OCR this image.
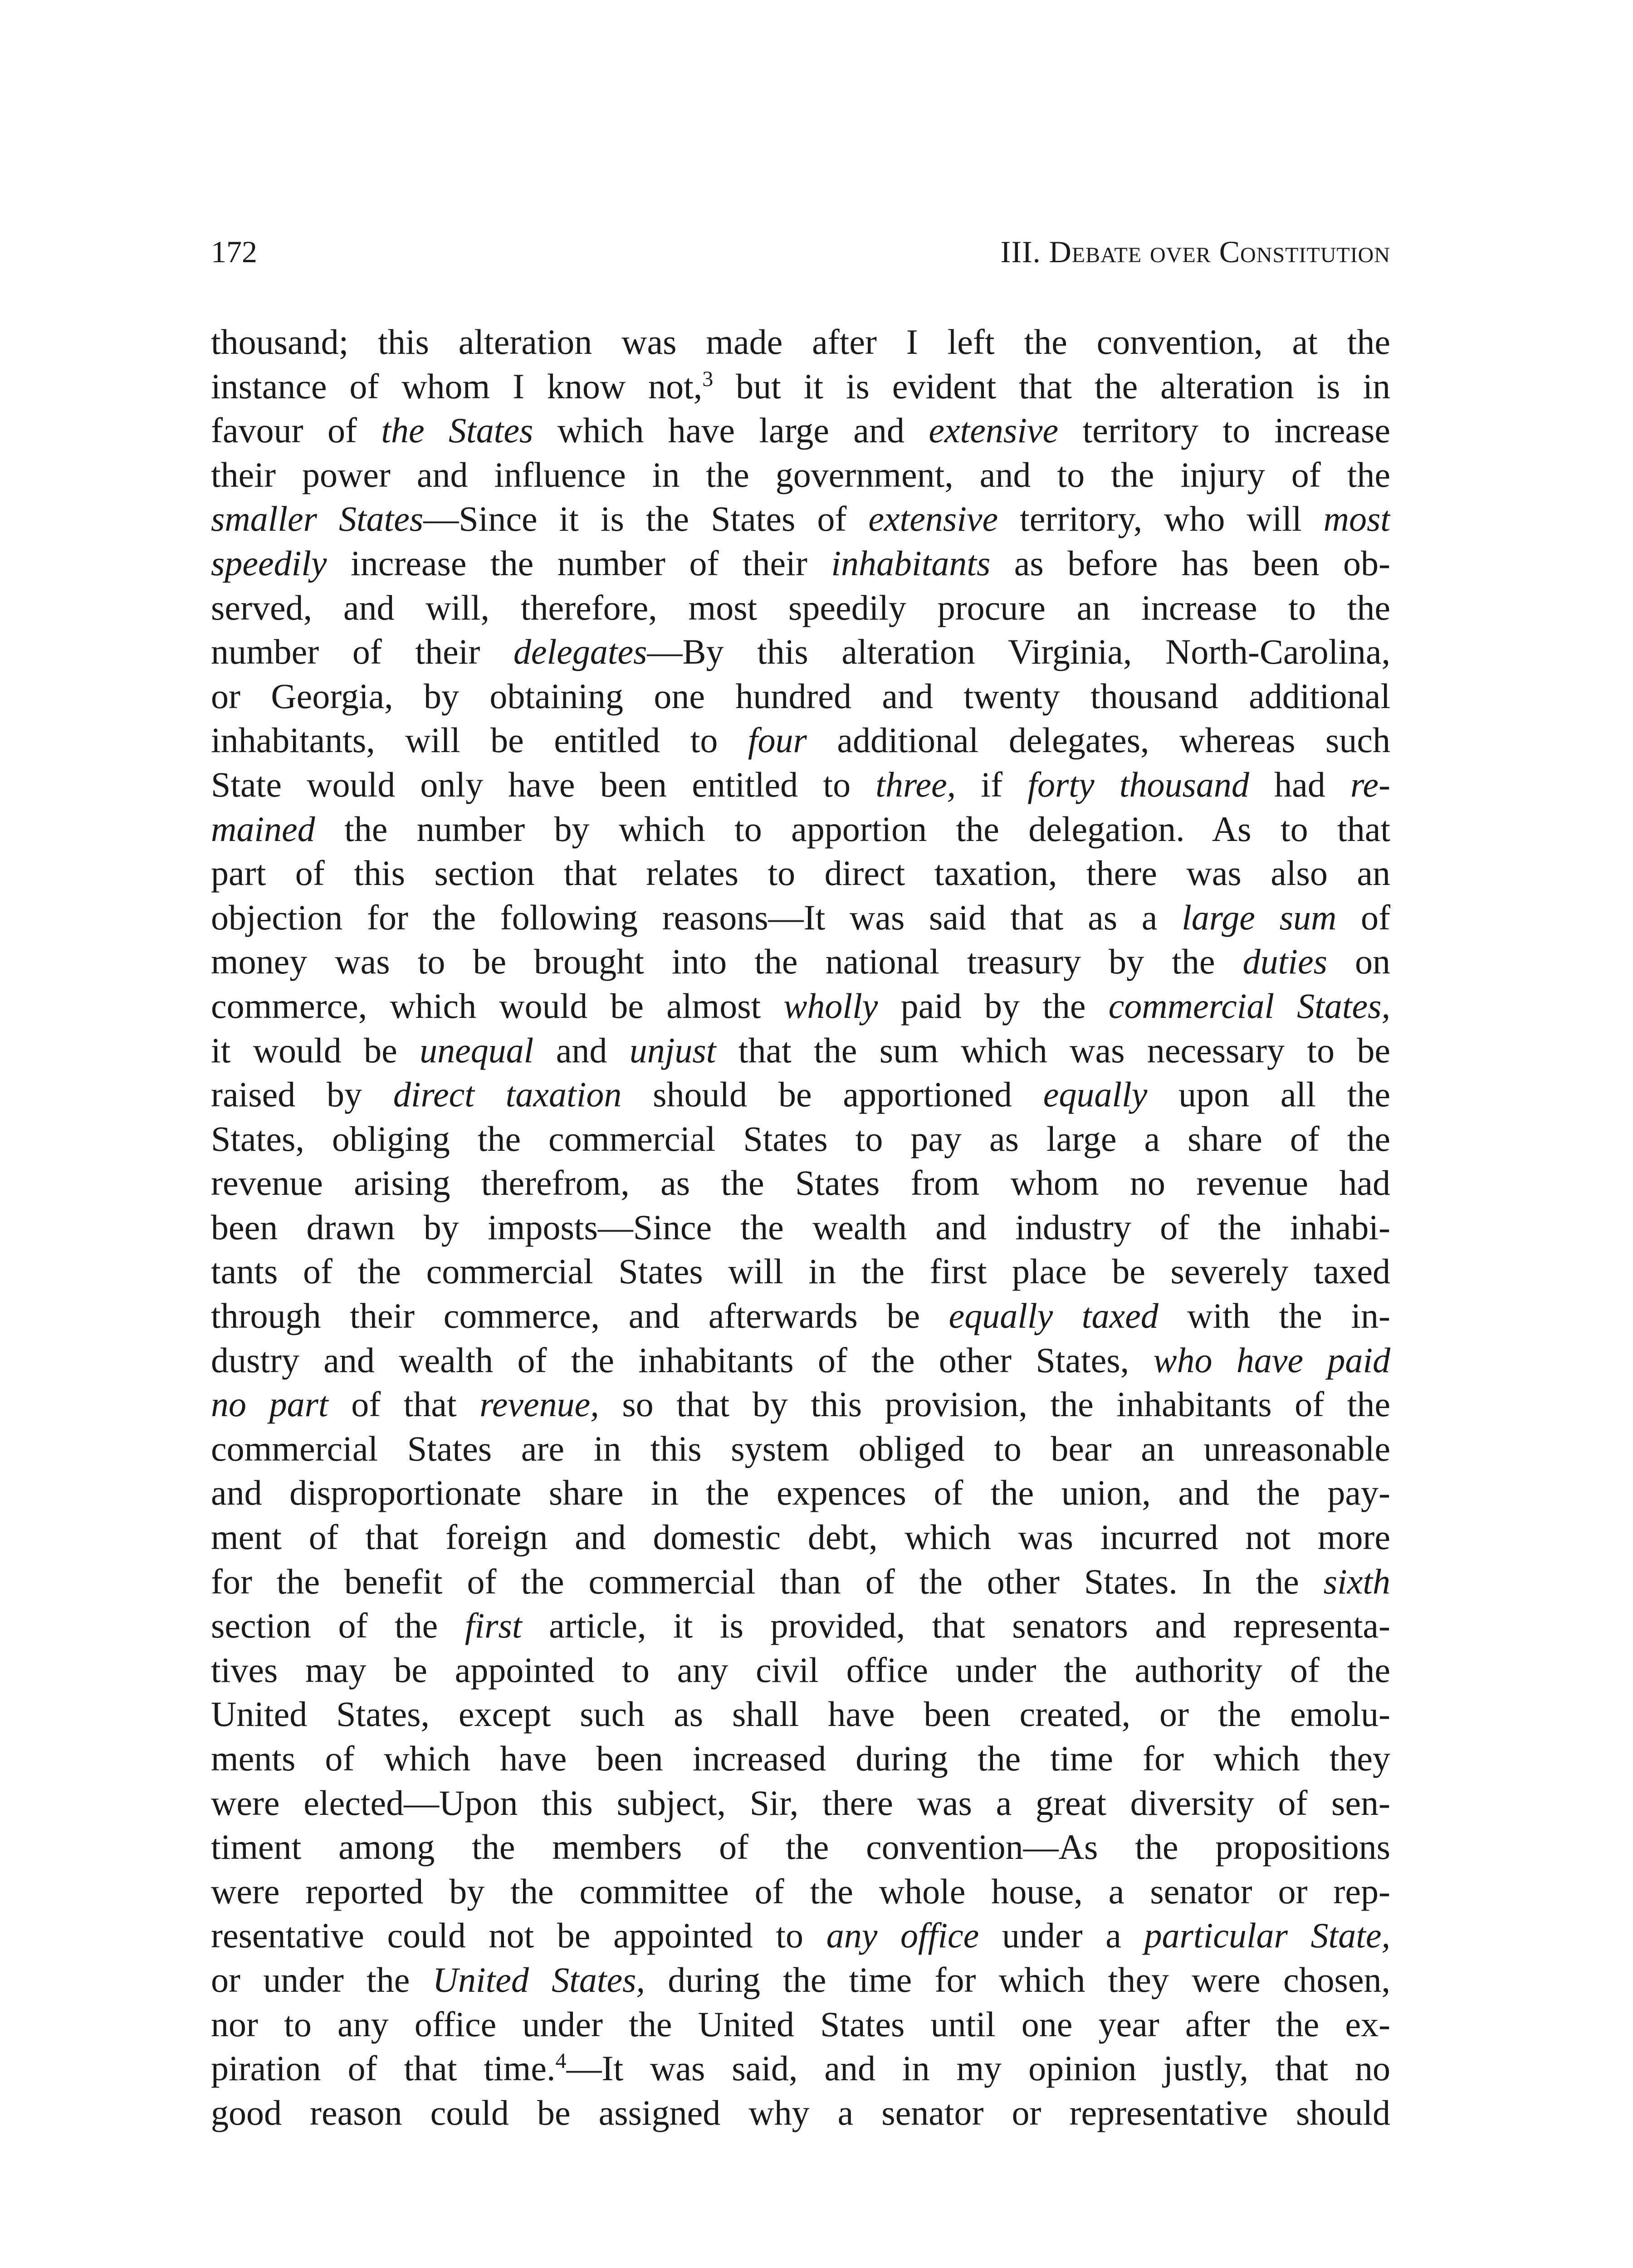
172	III. Debate over Constitution
thousand; this alteration was made after I left the convention, at the
instance of whom I know not,$^3$ but it is evident that the alteration is in
favour of the States which have large and extensive territory to increase
their power and influence in the government, and to the injury of the
smaller States—Since it is the States of extensive territory, who will most
speedily increase the number of their inhabitants as before has been ob-
served, and will, therefore, most speedily procure an increase to the
number of their delegates—By this alteration Virginia, North-Carolina,
or Georgia, by obtaining one hundred and twenty thousand additional
inhabitants, will be entitled to four additional delegates, whereas such
State would only have been entitled to three, if forty thousand had re-
mained the number by which to apportion the delegation. As to that
part of this section that relates to direct taxation, there was also an
objection for the following reasons—It was said that as a large sum of
money was to be brought into the national treasury by the duties on
commerce, which would be almost wholly paid by the commercial States,
it would be unequal and unjust that the sum which was necessary to be
raised by direct taxation should be apportioned equally upon all the
States, obliging the commercial States to pay as large a share of the
revenue arising therefrom, as the States from whom no revenue had
been drawn by imposts—Since the wealth and industry of the inhabi-
tants of the commercial States will in the first place be severely taxed
through their commerce, and afterwards be equally taxed with the in-
dustry and wealth of the inhabitants of the other States, who have paid
no part of that revenue, so that by this provision, the inhabitants of the
commercial States are in this system obliged to bear an unreasonable
and disproportionate share in the expences of the union, and the pay-
ment of that foreign and domestic debt, which was incurred not more
for the benefit of the commercial than of the other States. In the sixth
section of the first article, it is provided, that senators and representa-
tives may be appointed to any civil office under the authority of the
United States, except such as shall have been created, or the emolu-
ments of which have been increased during the time for which they
were elected—Upon this subject, Sir, there was a great diversity of sen-
timent among the members of the convention—As the propositions
were reported by the committee of the whole house, a senator or rep-
resentative could not be appointed to any office under a particular State,
or under the United States, during the time for which they were chosen,
nor to any office under the United States until one year after the ex-
piration of that time.$^4$—It was said, and in my opinion justly, that no
good reason could be assigned why a senator or representative should
